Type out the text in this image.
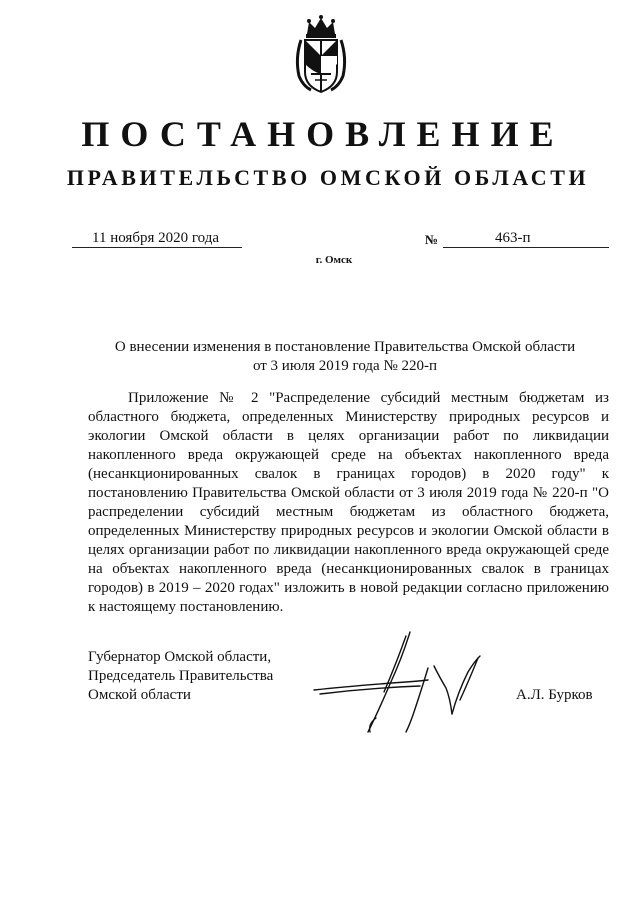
ПОСТАНОВЛЕНИЕ
ПРАВИТЕЛЬСТВО ОМСКОЙ ОБЛАСТИ
11 ноября 2020 года	№	463-п
г. Омск
О внесении изменения в постановление Правительства Омской области
от 3 июля 2019 года № 220-п

Приложение № 2 "Распределение субсидий местным бюджетам из областного бюджета, определенных Министерству природных ресурсов и экологии Омской области в целях организации работ по ликвидации накопленного вреда окружающей среде на объектах накопленного вреда (несанкционированных свалок в границах городов) в 2020 году" к постановлению Правительства Омской области от 3 июля 2019 года № 220-п "О распределении субсидий местным бюджетам из областного бюджета, определенных Министерству природных ресурсов и экологии Омской области в целях организации работ по ликвидации накопленного вреда окружающей среде на объектах накопленного вреда (несанкционированных свалок в границах городов) в 2019 – 2020 годах" изложить в новой редакции согласно приложению к настоящему постановлению.

Губернатор Омской области,
Председатель Правительства
Омской области	А.Л. Бурков
